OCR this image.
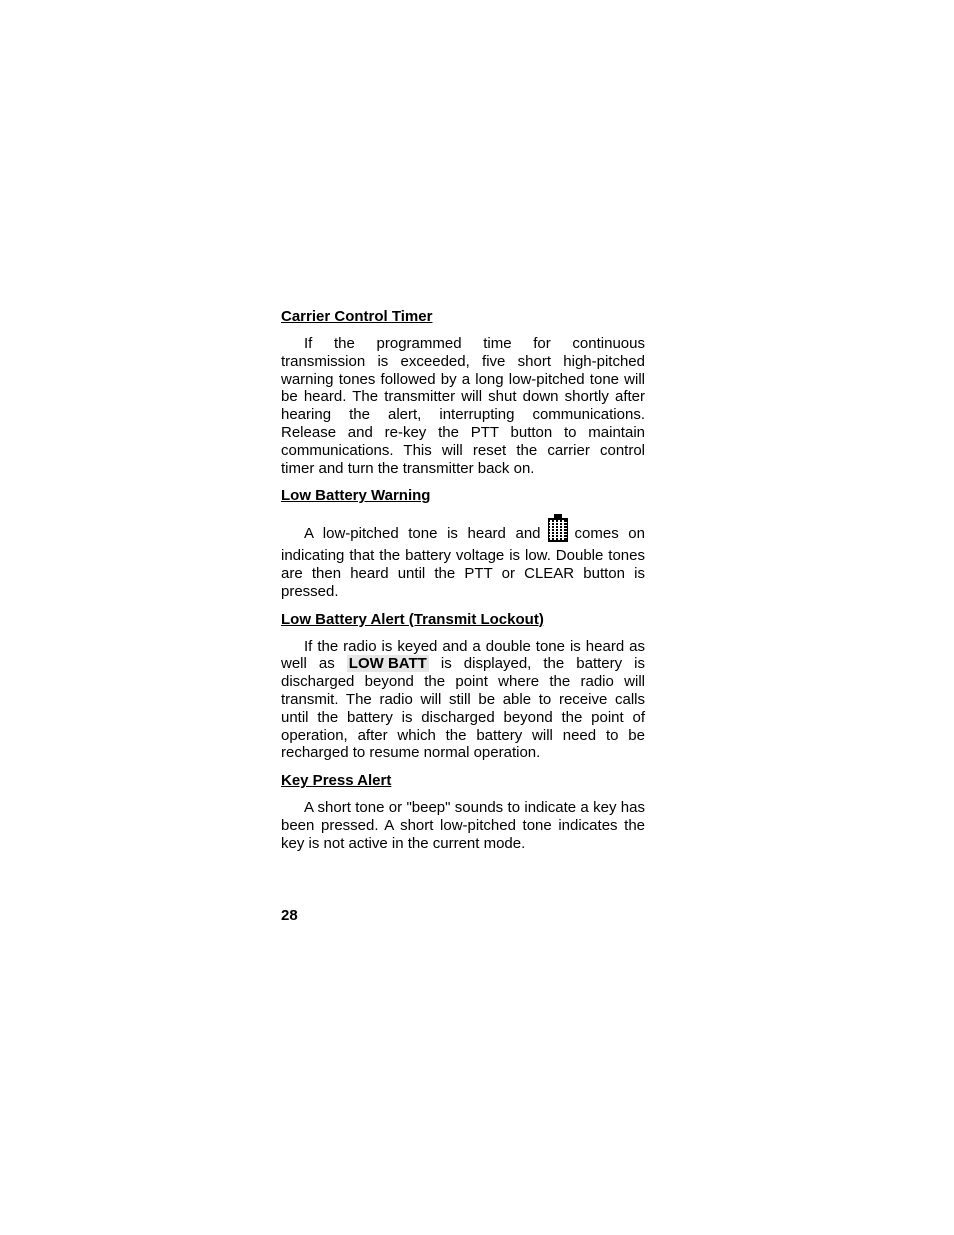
Carrier Control Timer

If the programmed time for continuous transmission is exceeded, five short high-pitched warning tones followed by a long low-pitched tone will be heard. The transmitter will shut down shortly after hearing the alert, interrupting communications. Release and re-key the PTT button to maintain communications. This will reset the carrier control timer and turn the transmitter back on.

Low Battery Warning

A low-pitched tone is heard and comes on indicating that the battery voltage is low. Double tones are then heard until the PTT or CLEAR button is pressed.

Low Battery Alert (Transmit Lockout)

If the radio is keyed and a double tone is heard as well as LOW BATT is displayed, the battery is discharged beyond the point where the radio will transmit. The radio will still be able to receive calls until the battery is discharged beyond the point of operation, after which the battery will need to be recharged to resume normal operation.

Key Press Alert

A short tone or "beep" sounds to indicate a key has been pressed. A short low-pitched tone indicates the key is not active in the current mode.

28
